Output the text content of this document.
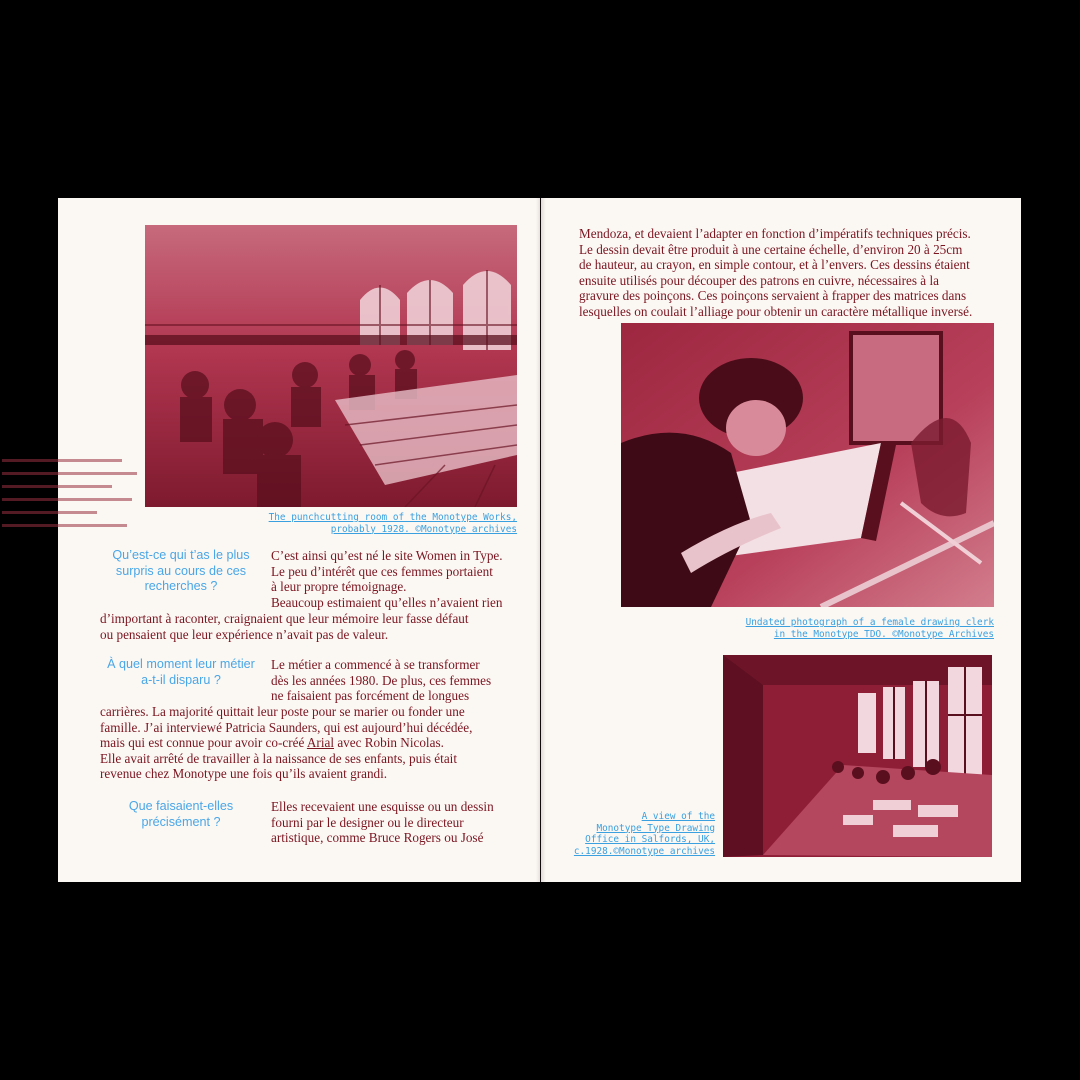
The punchcutting room of the Monotype Works,
probably 1928. ©Monotype archives
Qu’est-ce qui t’as le plus
surpris au cours de ces
recherches ?
C’est ainsi qu’est né le site Women in Type.
Le peu d’intérêt que ces femmes portaient
à leur propre témoignage.
Beaucoup estimaient qu’elles n’avaient rien
d’important à raconter, craignaient que leur mémoire leur fasse défaut
ou pensaient que leur expérience n’avait pas de valeur.
À quel moment leur métier
a-t-il disparu ?
Le métier a commencé à se transformer
dès les années 1980. De plus, ces femmes
ne faisaient pas forcément de longues
carrières. La majorité quittait leur poste pour se marier ou fonder une
famille. J’ai interviewé Patricia Saunders, qui est aujourd’hui décédée,
mais qui est connue pour avoir co-créé Arial avec Robin Nicolas.
Elle avait arrêté de travailler à la naissance de ses enfants, puis était
revenue chez Monotype une fois qu’ils avaient grandi.
Que faisaient-elles
précisément ?
Elles recevaient une esquisse ou un dessin
fourni par le designer ou le directeur
artistique, comme Bruce Rogers ou José
Mendoza, et devaient l’adapter en fonction d’impératifs techniques précis.
Le dessin devait être produit à une certaine échelle, d’environ 20 à 25cm
de hauteur, au crayon, en simple contour, et à l’envers. Ces dessins étaient
ensuite utilisés pour découper des patrons en cuivre, nécessaires à la
gravure des poinçons. Ces poinçons servaient à frapper des matrices dans
lesquelles on coulait l’alliage pour obtenir un caractère métallique inversé.
Undated photograph of a female drawing clerk
in the Monotype TDO. ©Monotype Archives
A view of the
Monotype Type Drawing
Office in Salfords, UK,
c.1928.©Monotype archives
